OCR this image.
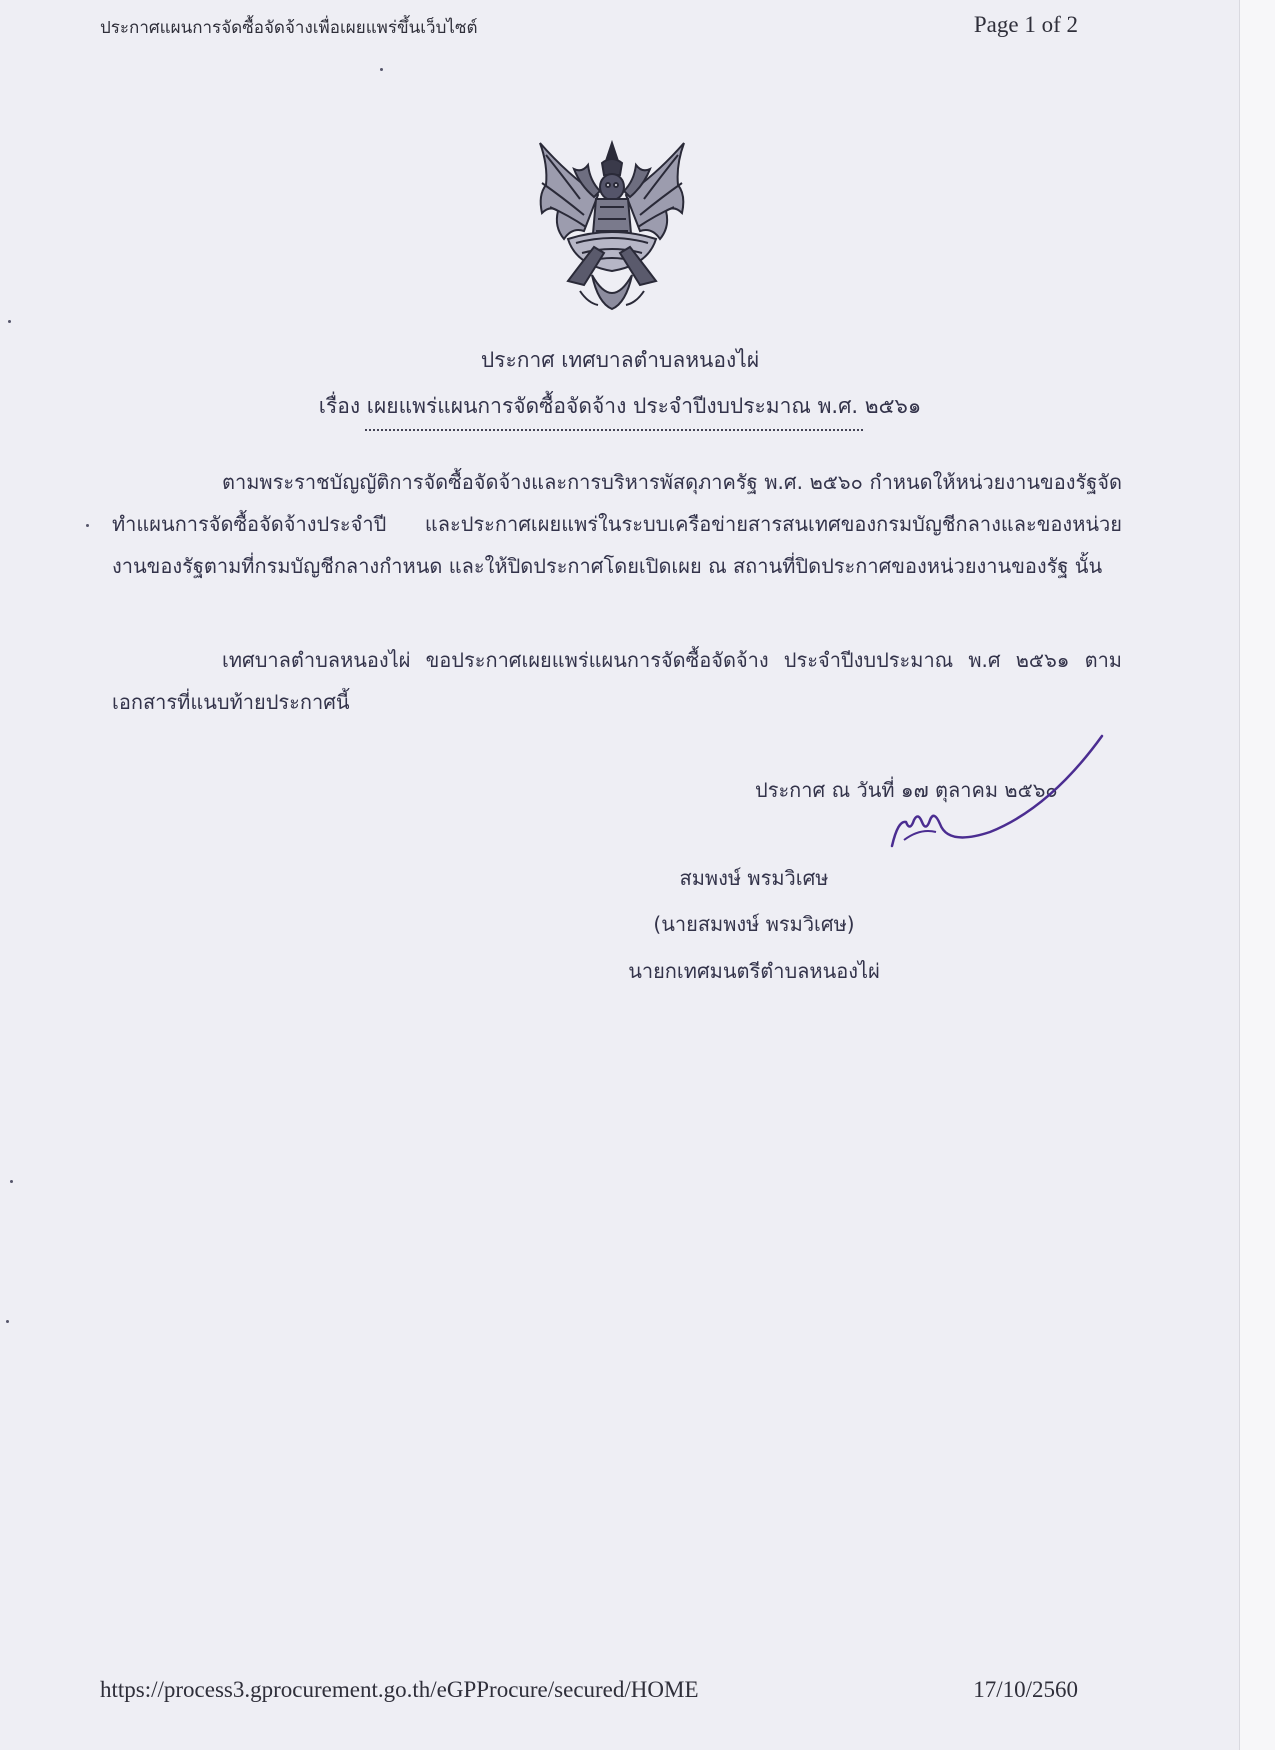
ประกาศแผนการจัดซื้อจัดจ้างเพื่อเผยแพร่ขึ้นเว็บไซต์	Page 1 of 2
ประกาศ เทศบาลตำบลหนองไผ่
เรื่อง เผยแพร่แผนการจัดซื้อจัดจ้าง ประจำปีงบประมาณ พ.ศ. ๒๕๖๑
ตามพระราชบัญญัติการจัดซื้อจัดจ้างและการบริหารพัสดุภาครัฐ พ.ศ. ๒๕๖๐ กำหนดให้หน่วยงานของรัฐจัดทำแผนการจัดซื้อจัดจ้างประจำปี และประกาศเผยแพร่ในระบบเครือข่ายสารสนเทศของกรมบัญชีกลางและของหน่วยงานของรัฐตามที่กรมบัญชีกลางกำหนด และให้ปิดประกาศโดยเปิดเผย ณ สถานที่ปิดประกาศของหน่วยงานของรัฐ นั้น
เทศบาลตำบลหนองไผ่ ขอประกาศเผยแพร่แผนการจัดซื้อจัดจ้าง ประจำปีงบประมาณ พ.ศ ๒๕๖๑ ตามเอกสารที่แนบท้ายประกาศนี้
ประกาศ ณ วันที่ ๑๗ ตุลาคม ๒๕๖๐
สมพงษ์ พรมวิเศษ
(นายสมพงษ์ พรมวิเศษ)
นายกเทศมนตรีตำบลหนองไผ่
https://process3.gprocurement.go.th/eGPProcure/secured/HOME	17/10/2560
